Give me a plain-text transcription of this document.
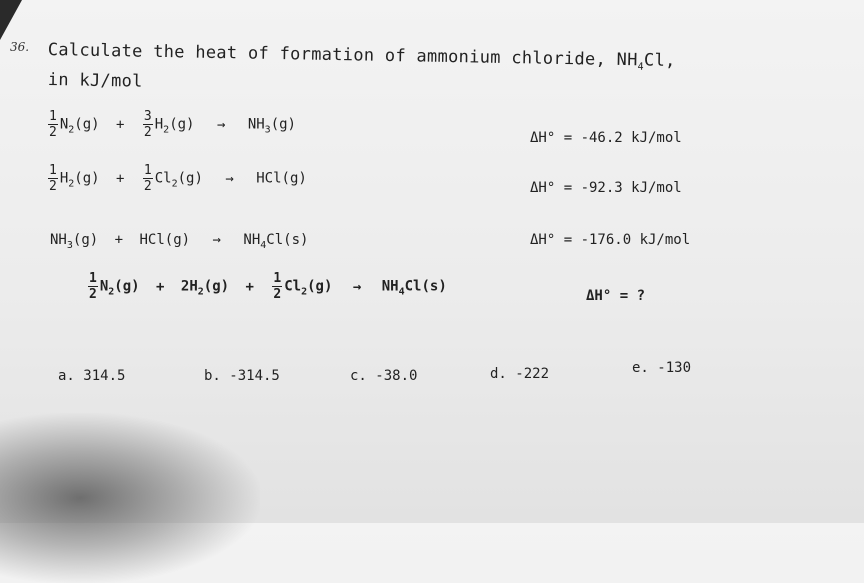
36. Calculate the heat of formation of ammonium chloride, $NH_4Cl$,
in kJ/mol
$\frac{1}{2} N_2(g) + \frac{3}{2} H_2(g) \to NH_3(g)$
ΔH° = -46.2 kJ/mol
$\frac{1}{2} H_2(g) + \frac{1}{2} Cl_2(g) \to HCl(g)$
ΔH° = -92.3 kJ/mol
$NH_3(g) + HCl(g) \to NH_4Cl(s)$	ΔH° = -176.0 kJ/mol
$\frac{1}{2} N_2(g) + 2H_2(g) + \frac{1}{2} Cl_2(g) \to NH_4Cl(s)$
ΔH° = ?
a. 314.5	b. -314.5	c. -38.0	d. -222	e. -130
